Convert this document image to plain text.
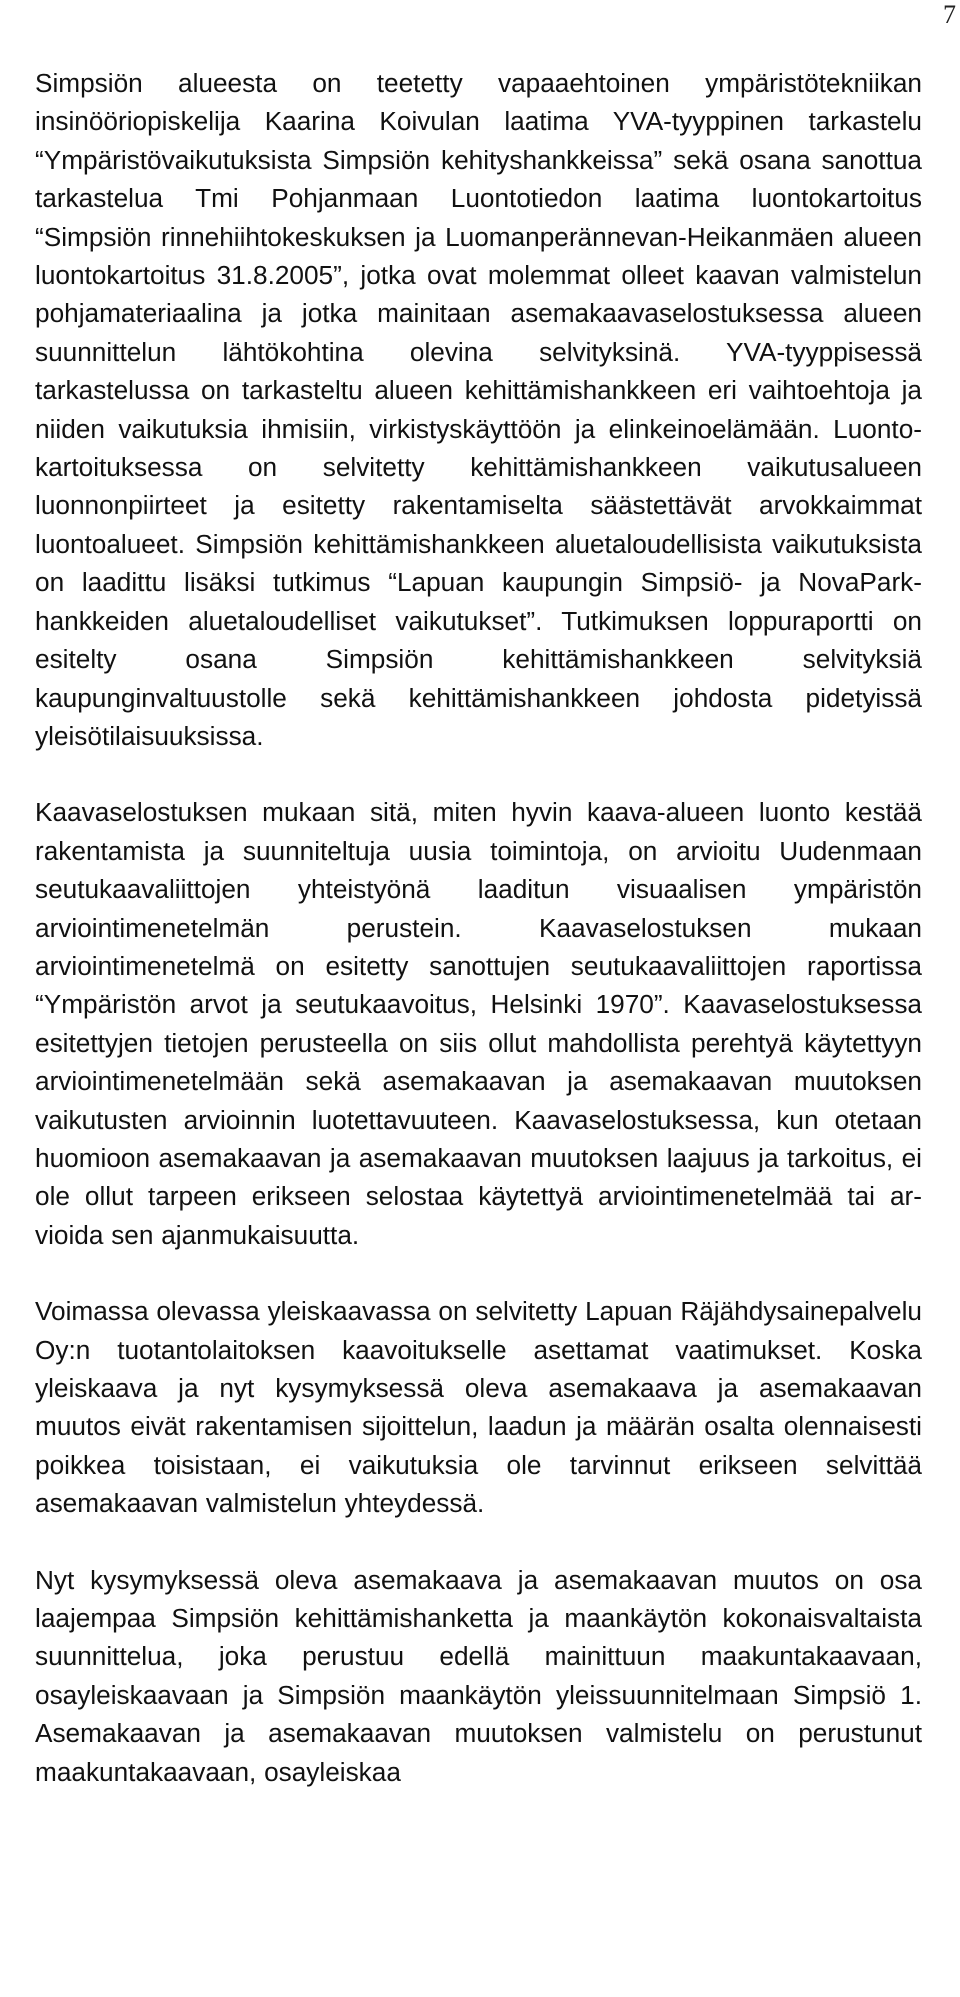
7

Simpsiön alueesta on teetetty vapaaehtoinen ympäristötekniikan insinööriopiskelija Kaarina Koivulan laatima YVA-tyyppinen tarkastelu “Ympäristövaikutuksista Simpsiön kehityshankkeissa” sekä osana sanottua tarkastelua Tmi Pohjanmaan Luontotiedon laatima luontokartoitus “Simpsiön rinnehiihtokeskuksen ja Luomanperännevan-Heikanmäen alueen luontokartoitus 31.8.2005”, jotka ovat molemmat olleet kaavan valmistelun pohjamateriaalina ja jotka mainitaan asemakaavaselostuksessa alueen suunnittelun lähtökohtina olevina selvityksinä. YVA-tyyppisessä tarkastelussa on tarkasteltu alueen kehittämishankkeen eri vaihtoehtoja ja niiden vaikutuksia ihmisiin, virkistyskäyttöön ja elinkeinoelämään. Luontokartoituksessa on selvitetty kehittämishankkeen vaikutusalueen luonnonpiirteet ja esitetty rakentamiselta säästettävät arvokkaimmat luontoalueet. Simpsiön kehittämishankkeen aluetaloudellisista vaikutuksista on laadittu lisäksi tutkimus “Lapuan kaupungin Simpsiö- ja NovaPark-hankkeiden aluetaloudelliset vaikutukset”. Tutkimuksen loppuraportti on esitelty osana Simpsiön kehittämishankkeen selvityksiä kaupunginvaltuustolle sekä kehittämishankkeen johdosta pidetyissä yleisötilaisuuksissa.

Kaavaselostuksen mukaan sitä, miten hyvin kaava-alueen luonto kestää rakentamista ja suunniteltuja uusia toimintoja, on arvioitu Uudenmaan seutukaavaliittojen yhteistyönä laaditun visuaalisen ympäristön arviointimenetelmän perustein. Kaavaselostuksen mukaan arviointimenetelmä on esitetty sanottujen seutukaavaliittojen raportissa “Ympäristön arvot ja seutukaavoitus, Helsinki 1970”. Kaavaselostuksessa esitettyjen tietojen perusteella on siis ollut mahdollista perehtyä käytettyyn arviointimenetelmään sekä asemakaavan ja asemakaavan muutoksen vaikutusten arvioinnin luotettavuuteen. Kaavaselostuksessa, kun otetaan huomioon asemakaavan ja asemakaavan muutoksen laajuus ja tarkoitus, ei ole ollut tarpeen erikseen selostaa käytettyä arviointimenetelmää tai arvioida sen ajanmukaisuutta.

Voimassa olevassa yleiskaavassa on selvitetty Lapuan Räjähdysainepalvelu Oy:n tuotantolaitoksen kaavoitukselle asettamat vaatimukset. Koska yleiskaava ja nyt kysymyksessä oleva asemakaava ja asemakaavan muutos eivät rakentamisen sijoittelun, laadun ja määrän osalta olennaisesti poikkea toisistaan, ei vaikutuksia ole tarvinnut erikseen selvittää asemakaavan valmistelun yhteydessä.

Nyt kysymyksessä oleva asemakaava ja asemakaavan muutos on osa laajempaa Simpsiön kehittämishanketta ja maankäytön kokonaisvaltaista suunnittelua, joka perustuu edellä mainittuun maakuntakaavaan, osayleiskaavaan ja Simpsiön maankäytön yleissuunnitelmaan Simpsiö 1. Asemakaavan ja asemakaavan muutoksen valmistelu on perustunut maakuntakaavaan, osayleiskaa
